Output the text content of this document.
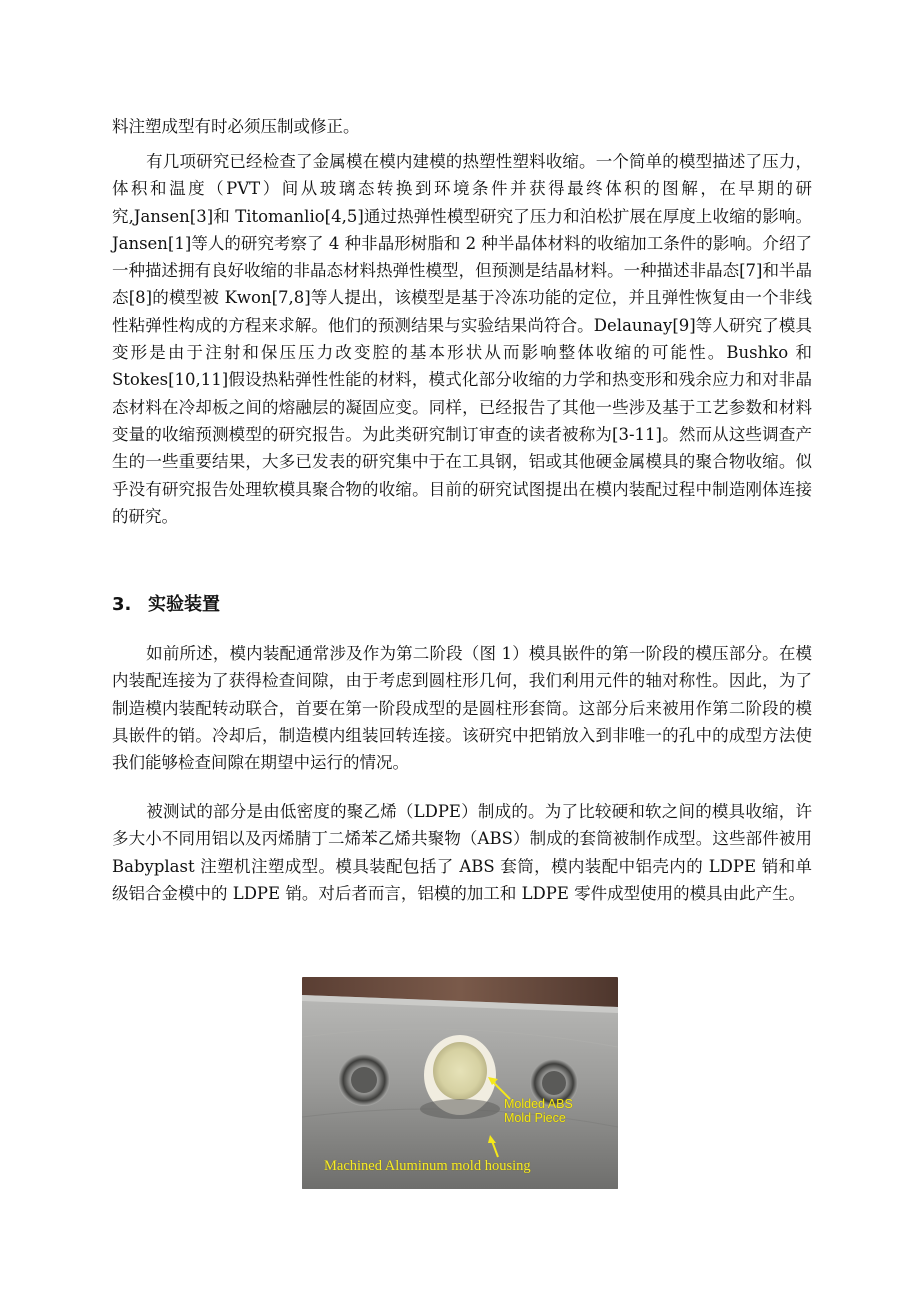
料注塑成型有时必须压制或修正。

有几项研究已经检查了金属模在模内建模的热塑性塑料收缩。一个简单的模型描述了压力，体积和温度（PVT）间从玻璃态转换到环境条件并获得最终体积的图解，在早期的研究,Jansen[3]和 Titomanlio[4,5]通过热弹性模型研究了压力和泊松扩展在厚度上收缩的影响。Jansen[1]等人的研究考察了 4 种非晶形树脂和 2 种半晶体材料的收缩加工条件的影响。介绍了一种描述拥有良好收缩的非晶态材料热弹性模型，但预测是结晶材料。一种描述非晶态[7]和半晶态[8]的模型被 Kwon[7,8]等人提出，该模型是基于冷冻功能的定位，并且弹性恢复由一个非线性粘弹性构成的方程来求解。他们的预测结果与实验结果尚符合。Delaunay[9]等人研究了模具变形是由于注射和保压压力改变腔的基本形状从而影响整体收缩的可能性。Bushko 和 Stokes[10,11]假设热粘弹性性能的材料，模式化部分收缩的力学和热变形和残余应力和对非晶态材料在冷却板之间的熔融层的凝固应变。同样，已经报告了其他一些涉及基于工艺参数和材料变量的收缩预测模型的研究报告。为此类研究制订审查的读者被称为[3-11]。然而从这些调查产生的一些重要结果，大多已发表的研究集中于在工具钢，铝或其他硬金属模具的聚合物收缩。似乎没有研究报告处理软模具聚合物的收缩。目前的研究试图提出在模内装配过程中制造刚体连接的研究。

3. 实验装置

如前所述，模内装配通常涉及作为第二阶段（图 1）模具嵌件的第一阶段的模压部分。在模内装配连接为了获得检查间隙，由于考虑到圆柱形几何，我们利用元件的轴对称性。因此，为了制造模内装配转动联合，首要在第一阶段成型的是圆柱形套筒。这部分后来被用作第二阶段的模具嵌件的销。冷却后，制造模内组装回转连接。该研究中把销放入到非唯一的孔中的成型方法使我们能够检查间隙在期望中运行的情况。

被测试的部分是由低密度的聚乙烯（LDPE）制成的。为了比较硬和软之间的模具收缩，许多大小不同用铝以及丙烯腈丁二烯苯乙烯共聚物（ABS）制成的套筒被制作成型。这些部件被用 Babyplast 注塑机注塑成型。模具装配包括了 ABS 套筒，模内装配中铝壳内的 LDPE 销和单级铝合金模中的 LDPE 销。对后者而言，铝模的加工和 LDPE 零件成型使用的模具由此产生。

Molded ABS Mold Piece
Machined Aluminum mold housing
